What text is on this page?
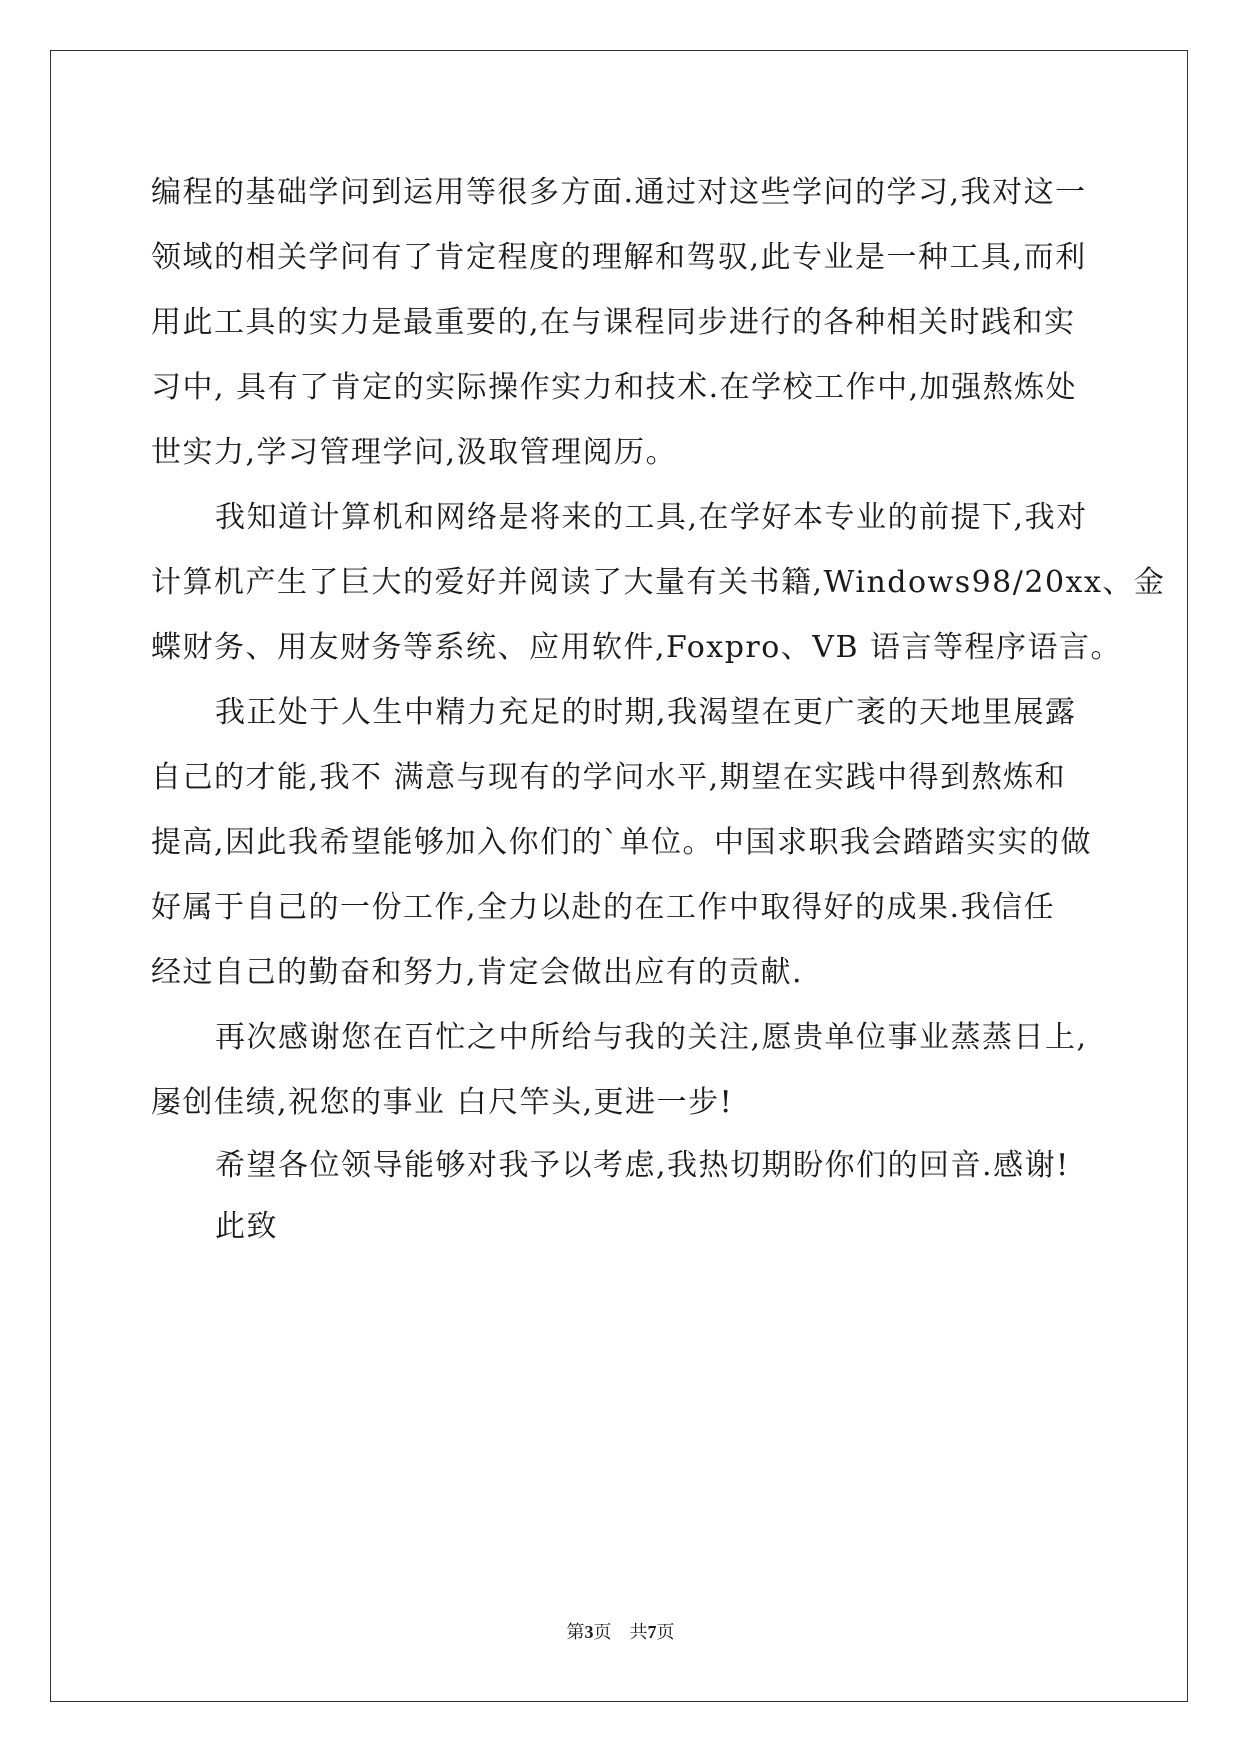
编程的基础学问到运用等很多方面.通过对这些学问的学习,我对这一
领域的相关学问有了肯定程度的理解和驾驭,此专业是一种工具,而利
用此工具的实力是最重要的,在与课程同步进行的各种相关时践和实
习中, 具有了肯定的实际操作实力和技术.在学校工作中,加强熬炼处
世实力,学习管理学问,汲取管理阅历。
我知道计算机和网络是将来的工具,在学好本专业的前提下,我对
计算机产生了巨大的爱好并阅读了大量有关书籍,Windows98/20xx、金
蝶财务、用友财务等系统、应用软件,Foxpro、VB 语言等程序语言。
我正处于人生中精力充足的时期,我渴望在更广袤的天地里展露
自己的才能,我不 满意与现有的学问水平,期望在实践中得到熬炼和
提高,因此我希望能够加入你们的`单位。中国求职我会踏踏实实的做
好属于自己的一份工作,全力以赴的在工作中取得好的成果.我信任
经过自己的勤奋和努力,肯定会做出应有的贡献.
再次感谢您在百忙之中所给与我的关注,愿贵单位事业蒸蒸日上,
屡创佳绩,祝您的事业 白尺竿头,更进一步!
希望各位领导能够对我予以考虑,我热切期盼你们的回音.感谢!
此致
第3页　共7页
